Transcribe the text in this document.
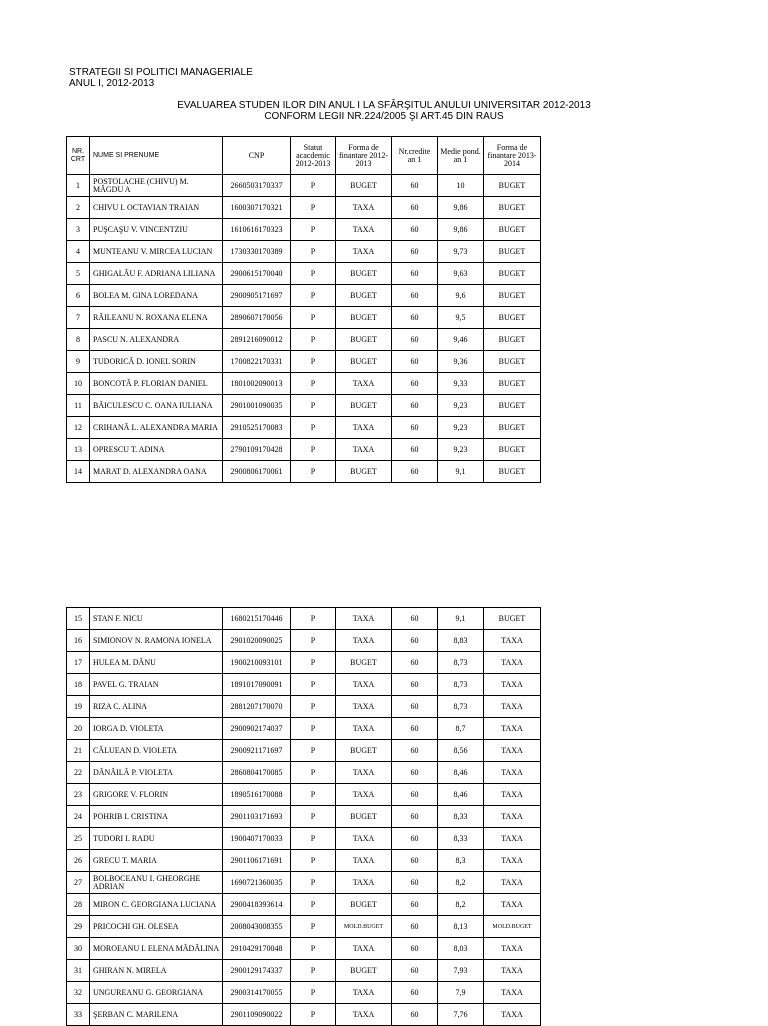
STRATEGII SI POLITICI MANAGERIALE
ANUL I, 2012-2013
EVALUAREA STUDEN ILOR DIN ANUL I LA SFÂRŞITUL ANULUI UNIVERSITAR 2012-2013
CONFORM LEGII NR.224/2005 ŞI ART.45 DIN RAUS
NR. CRT	NUME SI PRENUME	CNP	Statut acacdemic 2012-2013	Forma de finantare 2012-2013	Nr.credite an 1	Medie pond. an 1	Forma de finantare 2013-2014
1	POSTOLACHE (CHIVU) M. MĂGDU A	2660503170337	P	BUGET	60	10	BUGET
2	CHIVU I. OCTAVIAN TRAIAN	1600307170321	P	TAXA	60	9,86	BUGET
3	PUŞCAŞU V. VINCENTZIU	1610616170323	P	TAXA	60	9,86	BUGET
4	MUNTEANU V. MIRCEA LUCIAN	1730330170389	P	TAXA	60	9,73	BUGET
5	GHIGALĂU F. ADRIANA LILIANA	2900615170040	P	BUGET	60	9,63	BUGET
6	BOLEA M. GINA LOREDANA	2900905171697	P	BUGET	60	9,6	BUGET
7	RĂILEANU N. ROXANA ELENA	2890607170056	P	BUGET	60	9,5	BUGET
8	PASCU N. ALEXANDRA	2891216090012	P	BUGET	60	9,46	BUGET
9	TUDORICĂ D. IONEL SORIN	1700822170331	P	BUGET	60	9,36	BUGET
10	BONCOTĂ P. FLORIAN DANIEL	1801002090013	P	TAXA	60	9,33	BUGET
11	BĂICULESCU C. OANA IULIANA	2901001090035	P	BUGET	60	9,23	BUGET
12	CRIHANĂ L. ALEXANDRA MARIA	2910525170083	P	TAXA	60	9,23	BUGET
13	OPRESCU T. ADINA	2790109170428	P	TAXA	60	9,23	BUGET
14	MARAT D. ALEXANDRA OANA	2900806170061	P	BUGET	60	9,1	BUGET
15	STAN F. NICU	1680215170446	P	TAXA	60	9,1	BUGET
16	SIMIONOV N. RAMONA IONELA	2901020090025	P	TAXA	60	8,83	TAXA
17	HULEA M. DĂNU	1900210093101	P	BUGET	60	8,73	TAXA
18	PAVEL G. TRAIAN	1891017090091	P	TAXA	60	8,73	TAXA
19	RIZA C. ALINA	2881207170070	P	TAXA	60	8,73	TAXA
20	IORGA D. VIOLETA	2900902174037	P	TAXA	60	8,7	TAXA
21	CĂLUEAN D. VIOLETA	2900921171697	P	BUGET	60	8,56	TAXA
22	DĂNĂILĂ P. VIOLETA	2860804170085	P	TAXA	60	8,46	TAXA
23	GRIGORE V. FLORIN	1890516170088	P	TAXA	60	8,46	TAXA
24	POHRIB I. CRISTINA	2901103171693	P	BUGET	60	8,33	TAXA
25	TUDORI I. RADU	1900407170033	P	TAXA	60	8,33	TAXA
26	GRECU T. MARIA	2901106171691	P	TAXA	60	8,3	TAXA
27	BOLBOCEANU I. GHEORGHE ADRIAN	1690721360035	P	TAXA	60	8,2	TAXA
28	MIRON C. GEORGIANA LUCIANA	2900418393614	P	BUGET	60	8,2	TAXA
29	PRICOCHI GH. OLESEA	2008043008355	P	MOLD.BUGET	60	8,13	MOLD.BUGET
30	MOROEANU I. ELENA MĂDĂLINA	2910429170048	P	TAXA	60	8,03	TAXA
31	GHIRAN N. MIRELA	2900129174337	P	BUGET	60	7,93	TAXA
32	UNGUREANU G. GEORGIANA	2900314170055	P	TAXA	60	7,9	TAXA
33	ŞERBAN C. MARILENA	2901109090022	P	TAXA	60	7,76	TAXA
